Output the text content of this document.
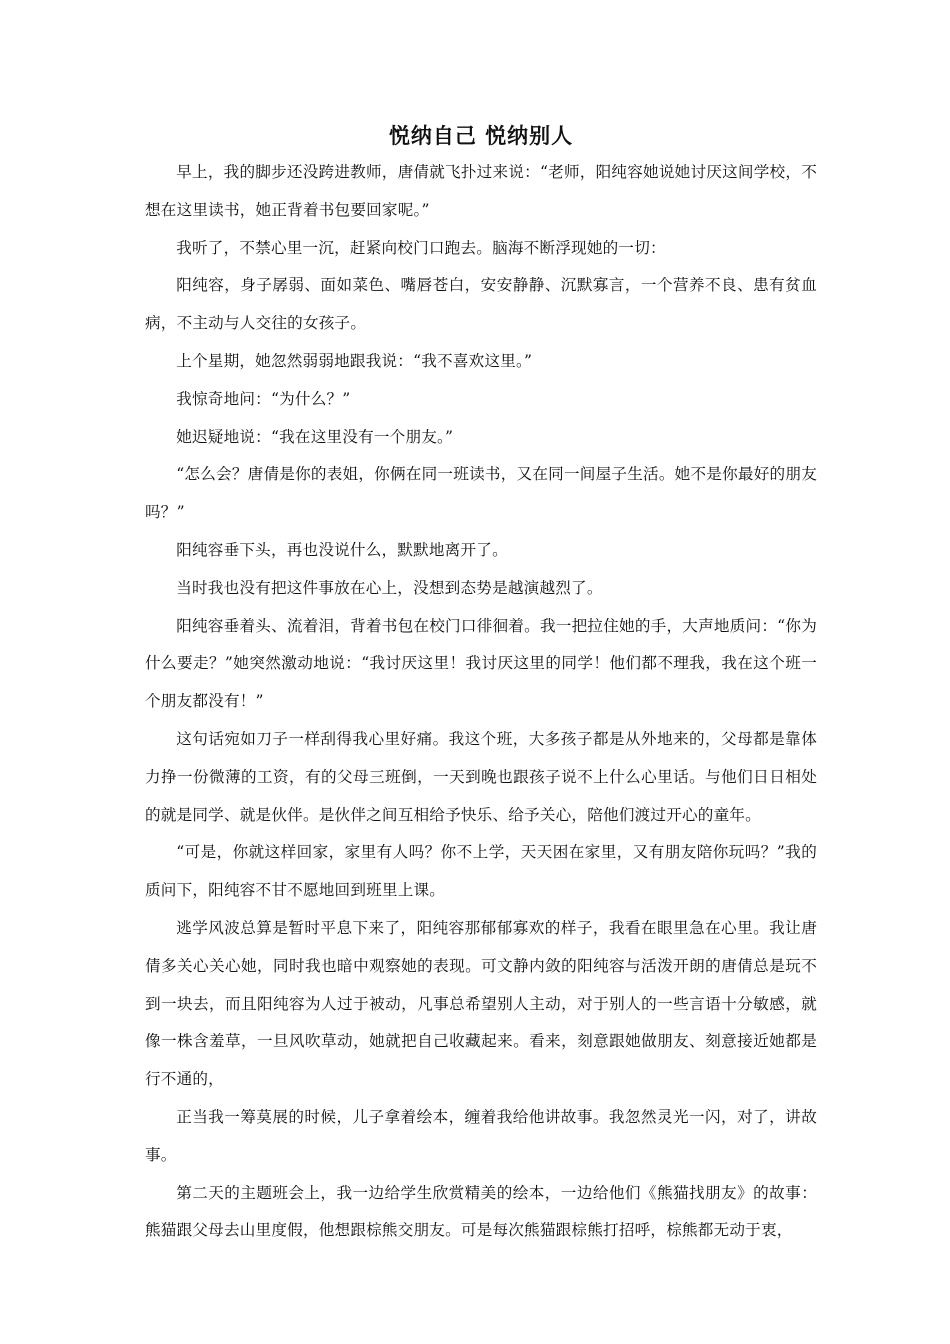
悦纳自己 悦纳别人

早上，我的脚步还没跨进教师，唐倩就飞扑过来说：“老师，阳纯容她说她讨厌这间学校，不想在这里读书，她正背着书包要回家呢。”

我听了，不禁心里一沉，赶紧向校门口跑去。脑海不断浮现她的一切：

阳纯容，身子孱弱、面如菜色、嘴唇苍白，安安静静、沉默寡言，一个营养不良、患有贫血病，不主动与人交往的女孩子。

上个星期，她忽然弱弱地跟我说：“我不喜欢这里。”

我惊奇地问：“为什么？”

她迟疑地说：“我在这里没有一个朋友。”

“怎么会？唐倩是你的表姐，你俩在同一班读书，又在同一间屋子生活。她不是你最好的朋友吗？”

阳纯容垂下头，再也没说什么，默默地离开了。

当时我也没有把这件事放在心上，没想到态势是越演越烈了。

阳纯容垂着头、流着泪，背着书包在校门口徘徊着。我一把拉住她的手，大声地质问：“你为什么要走？”她突然激动地说：“我讨厌这里！我讨厌这里的同学！他们都不理我，我在这个班一个朋友都没有！”

这句话宛如刀子一样刮得我心里好痛。我这个班，大多孩子都是从外地来的，父母都是靠体力挣一份微薄的工资，有的父母三班倒，一天到晚也跟孩子说不上什么心里话。与他们日日相处的就是同学、就是伙伴。是伙伴之间互相给予快乐、给予关心，陪他们渡过开心的童年。

“可是，你就这样回家，家里有人吗？你不上学，天天困在家里，又有朋友陪你玩吗？”我的质问下，阳纯容不甘不愿地回到班里上课。

逃学风波总算是暂时平息下来了，阳纯容那郁郁寡欢的样子，我看在眼里急在心里。我让唐倩多关心关心她，同时我也暗中观察她的表现。可文静内敛的阳纯容与活泼开朗的唐倩总是玩不到一块去，而且阳纯容为人过于被动，凡事总希望别人主动，对于别人的一些言语十分敏感，就像一株含羞草，一旦风吹草动，她就把自己收藏起来。看来，刻意跟她做朋友、刻意接近她都是行不通的，

正当我一筹莫展的时候，儿子拿着绘本，缠着我给他讲故事。我忽然灵光一闪，对了，讲故事。

第二天的主题班会上，我一边给学生欣赏精美的绘本，一边给他们《熊猫找朋友》的故事：熊猫跟父母去山里度假，他想跟棕熊交朋友。可是每次熊猫跟棕熊打招呼，棕熊都无动于衷，
